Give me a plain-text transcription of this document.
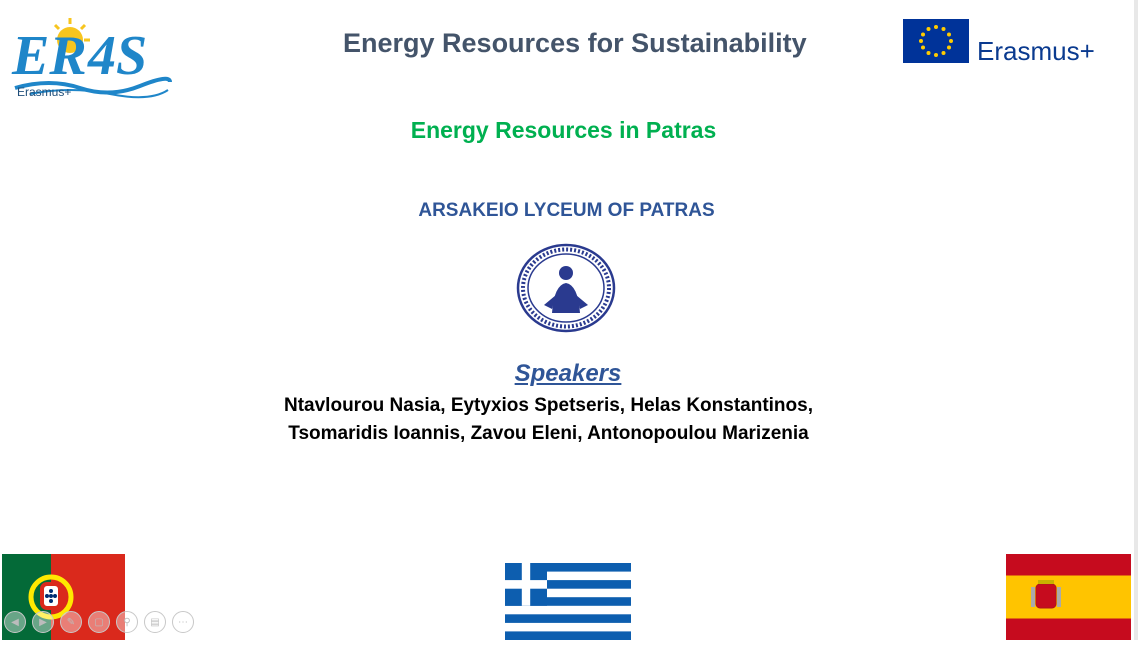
ER 4S
Erasmus+
Energy Resources for Sustainability	Erasmus+
Energy Resources in Patras
ARSAKEIO LYCEUM OF PATRAS
Speakers
Ntavlourou Nasia, Eytyxios Spetseris, Helas Konstantinos,
Tsomaridis Ioannis, Zavou Eleni, Antonopoulou Marizenia
◀	▶	✎	▢	⚲	▤	⋯
